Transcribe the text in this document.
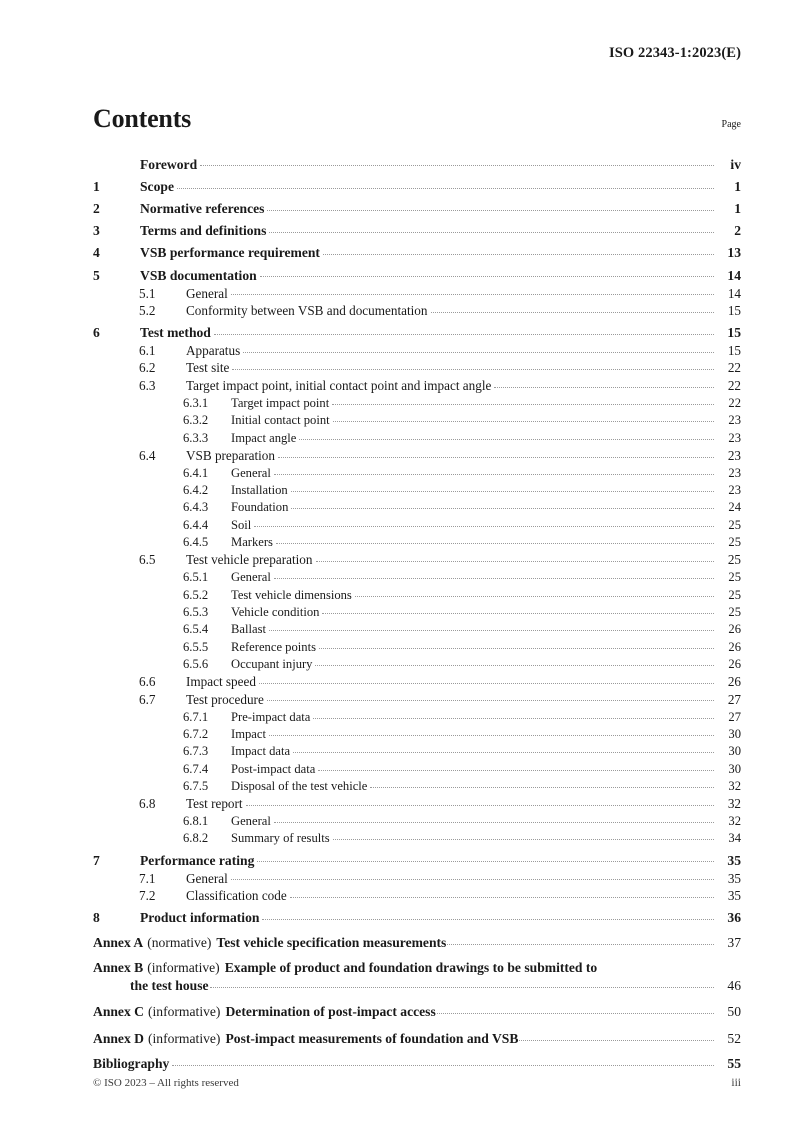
ISO 22343-1:2023(E)
Contents	Page
Foreword	iv
1	Scope	1
2	Normative references	1
3	Terms and definitions	2
4	VSB performance requirement	13
5	VSB documentation	14
5.1	General	14
5.2	Conformity between VSB and documentation	15
6	Test method	15
6.1	Apparatus	15
6.2	Test site	22
6.3	Target impact point, initial contact point and impact angle	22
6.3.1	Target impact point	22
6.3.2	Initial contact point	23
6.3.3	Impact angle	23
6.4	VSB preparation	23
6.4.1	General	23
6.4.2	Installation	23
6.4.3	Foundation	24
6.4.4	Soil	25
6.4.5	Markers	25
6.5	Test vehicle preparation	25
6.5.1	General	25
6.5.2	Test vehicle dimensions	25
6.5.3	Vehicle condition	25
6.5.4	Ballast	26
6.5.5	Reference points	26
6.5.6	Occupant injury	26
6.6	Impact speed	26
6.7	Test procedure	27
6.7.1	Pre-impact data	27
6.7.2	Impact	30
6.7.3	Impact data	30
6.7.4	Post-impact data	30
6.7.5	Disposal of the test vehicle	32
6.8	Test report	32
6.8.1	General	32
6.8.2	Summary of results	34
7	Performance rating	35
7.1	General	35
7.2	Classification code	35
8	Product information	36
Annex A (normative) Test vehicle specification measurements	37
Annex B (informative) Example of product and foundation drawings to be submitted to
the test house	46
Annex C (informative) Determination of post-impact access	50
Annex D (informative) Post-impact measurements of foundation and VSB	52
Bibliography	55
© ISO 2023 – All rights reserved	iii
